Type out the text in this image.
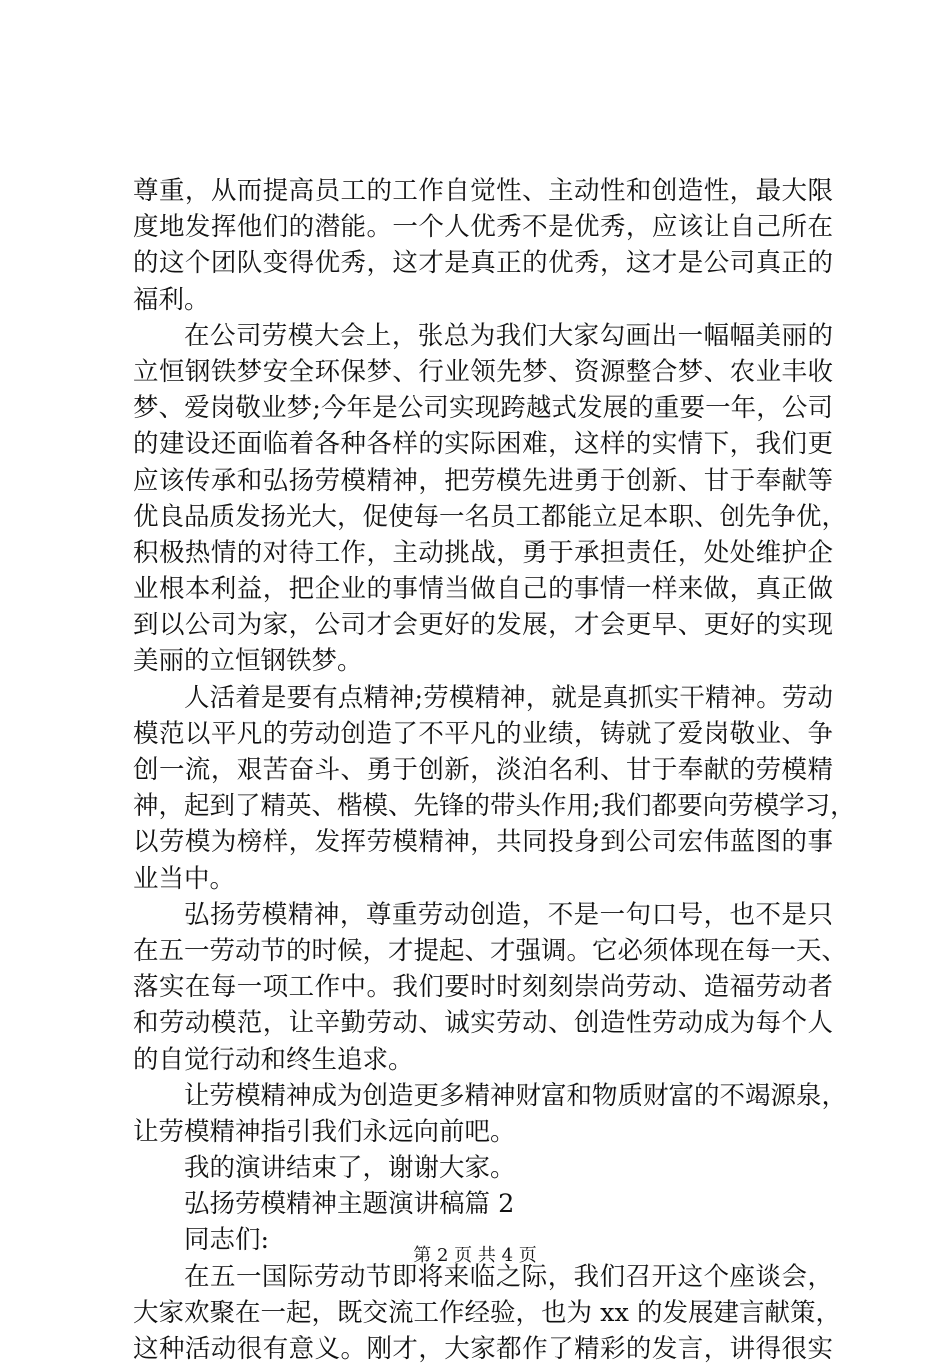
尊重，从而提高员工的工作自觉性、主动性和创造性，最大限
度地发挥他们的潜能。一个人优秀不是优秀，应该让自己所在
的这个团队变得优秀，这才是真正的优秀，这才是公司真正的
福利。
在公司劳模大会上，张总为我们大家勾画出一幅幅美丽的
立恒钢铁梦安全环保梦、行业领先梦、资源整合梦、农业丰收
梦、爱岗敬业梦;今年是公司实现跨越式发展的重要一年，公司
的建设还面临着各种各样的实际困难，这样的实情下，我们更
应该传承和弘扬劳模精神，把劳模先进勇于创新、甘于奉献等
优良品质发扬光大，促使每一名员工都能立足本职、创先争优，
积极热情的对待工作，主动挑战，勇于承担责任，处处维护企
业根本利益，把企业的事情当做自己的事情一样来做，真正做
到以公司为家，公司才会更好的发展，才会更早、更好的实现
美丽的立恒钢铁梦。
人活着是要有点精神;劳模精神，就是真抓实干精神。劳动
模范以平凡的劳动创造了不平凡的业绩，铸就了爱岗敬业、争
创一流，艰苦奋斗、勇于创新，淡泊名利、甘于奉献的劳模精
神，起到了精英、楷模、先锋的带头作用;我们都要向劳模学习，
以劳模为榜样，发挥劳模精神，共同投身到公司宏伟蓝图的事
业当中。
弘扬劳模精神，尊重劳动创造，不是一句口号，也不是只
在五一劳动节的时候，才提起、才强调。它必须体现在每一天、
落实在每一项工作中。我们要时时刻刻崇尚劳动、造福劳动者
和劳动模范，让辛勤劳动、诚实劳动、创造性劳动成为每个人
的自觉行动和终生追求。
让劳模精神成为创造更多精神财富和物质财富的不竭源泉，
让劳模精神指引我们永远向前吧。
我的演讲结束了，谢谢大家。
弘扬劳模精神主题演讲稿篇 2
同志们:
在五一国际劳动节即将来临之际，我们召开这个座谈会，
大家欢聚在一起，既交流工作经验，也为 xx 的发展建言献策，
这种活动很有意义。刚才，大家都作了精彩的发言，讲得很实
第 2 页 共 4 页
